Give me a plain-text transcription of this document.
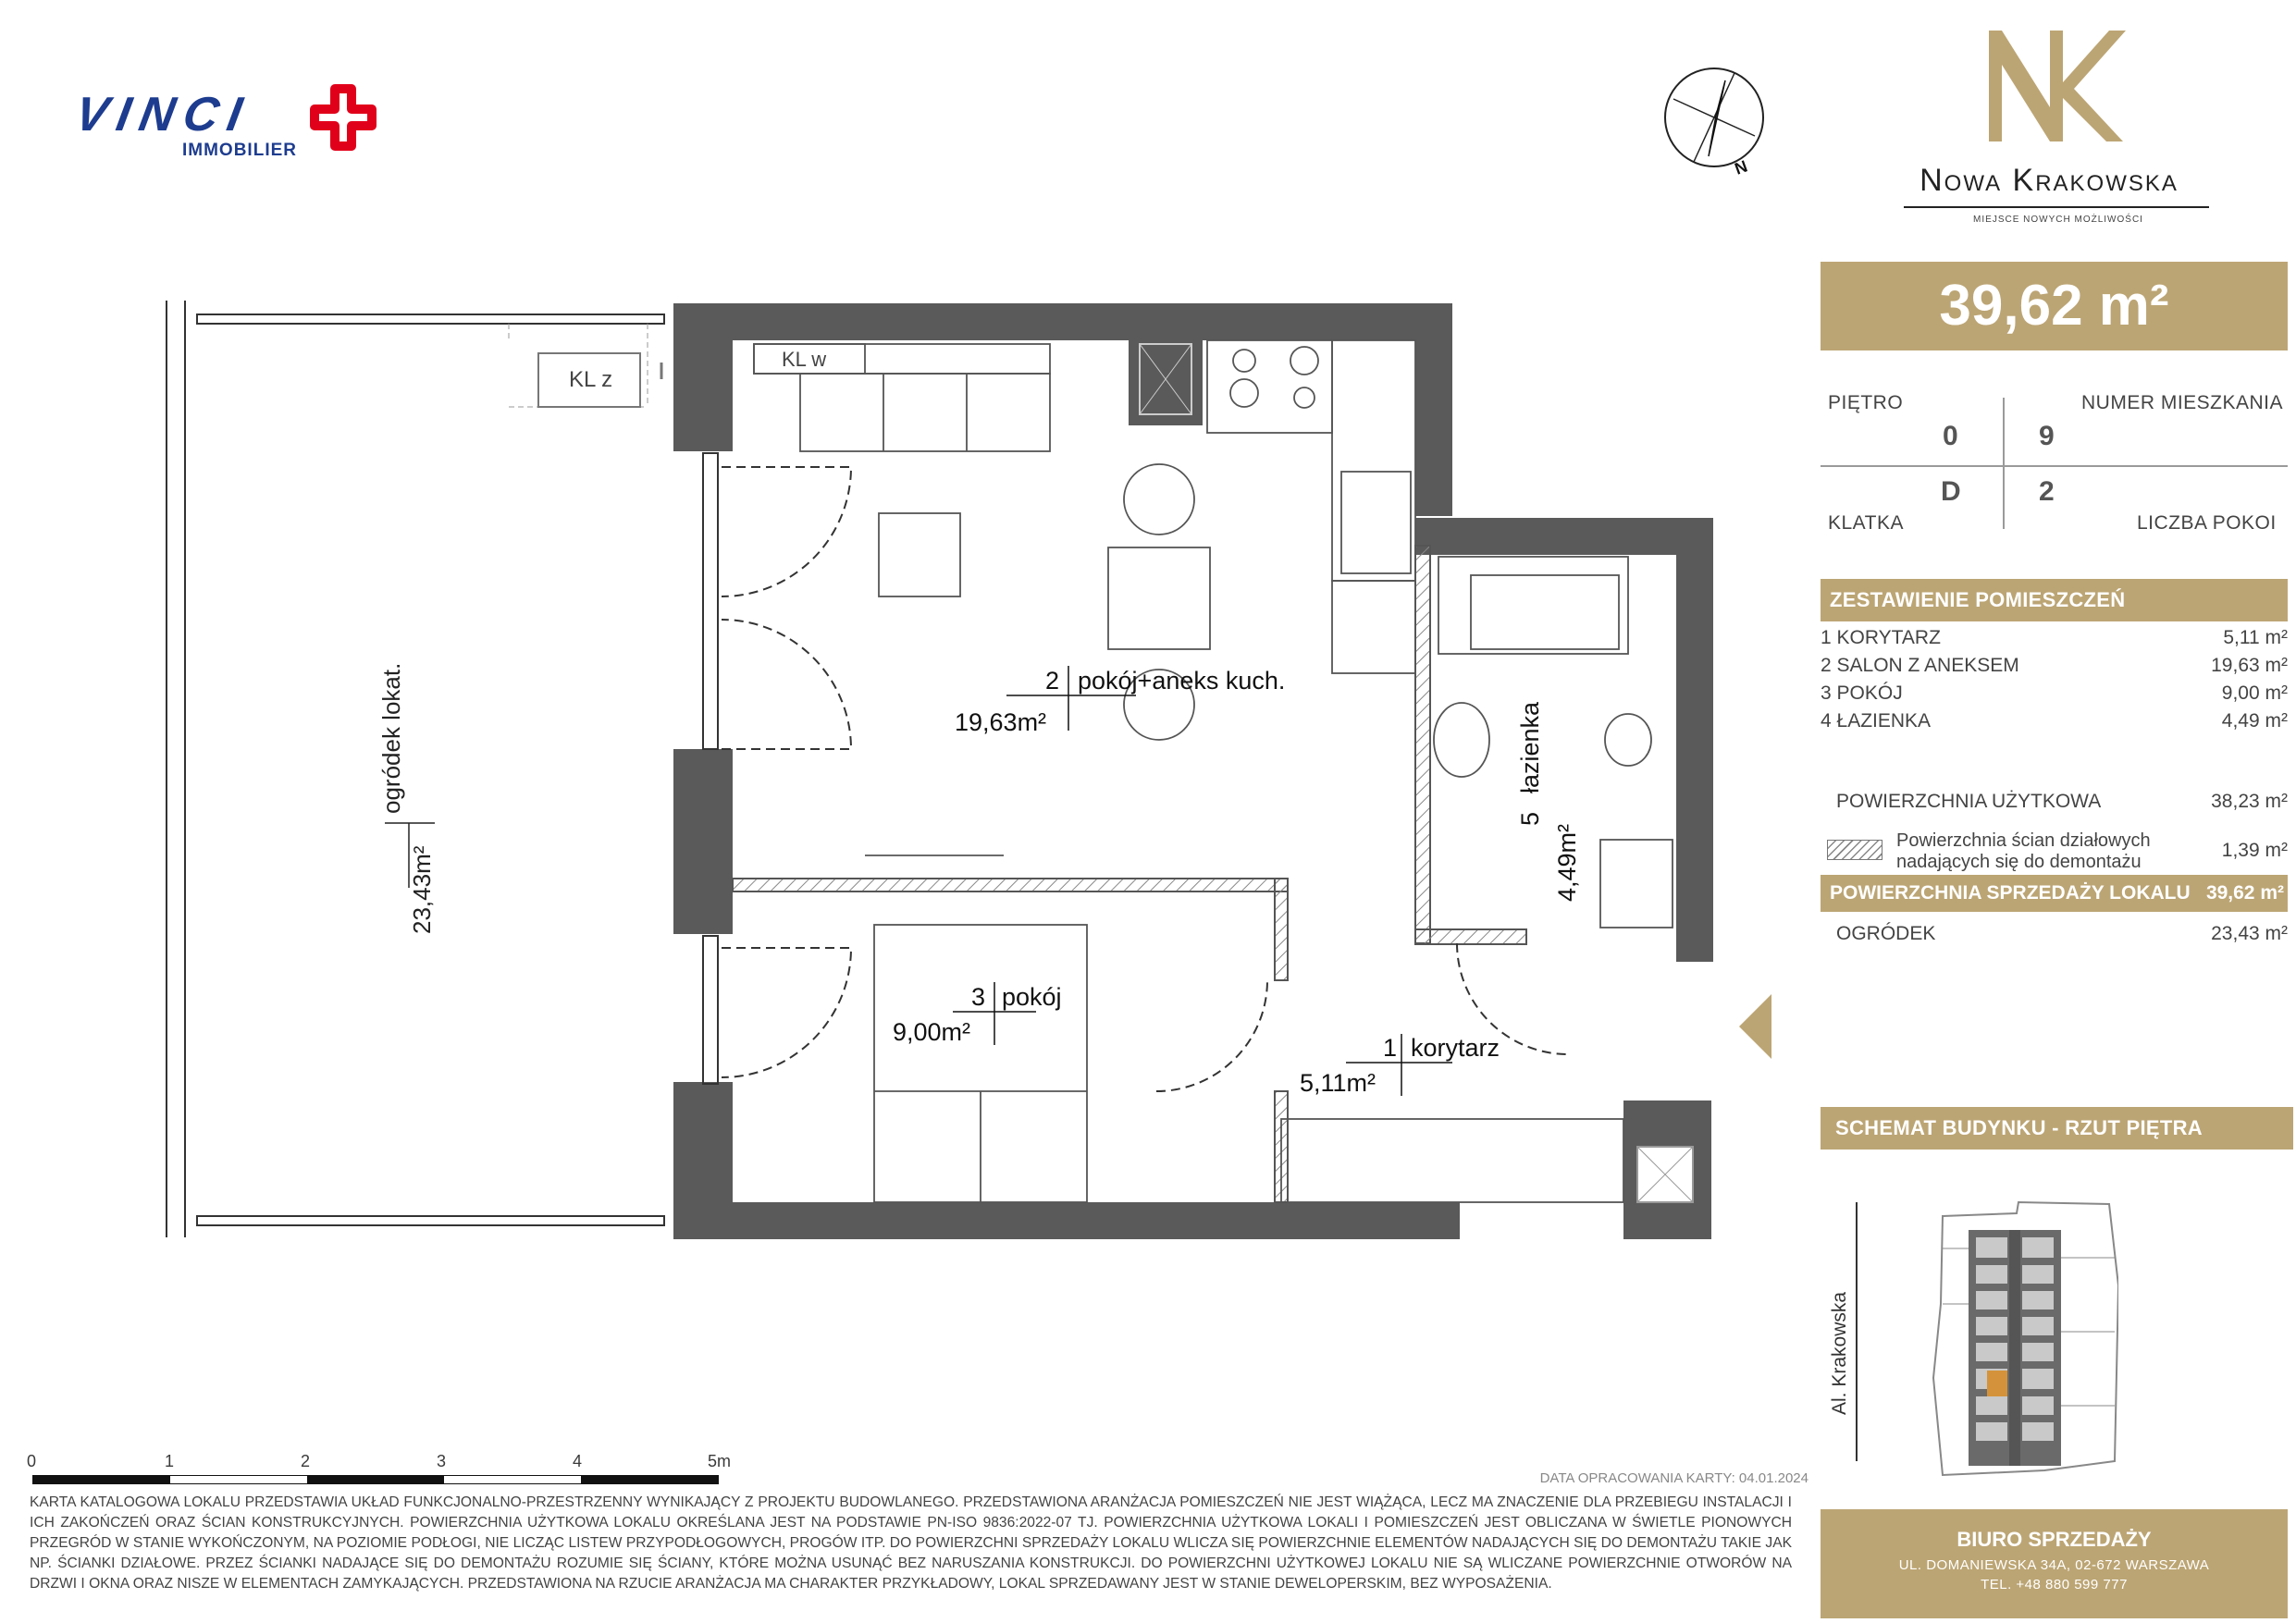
VINCI
IMMOBILIER
N	Nowa Krakowska
MIEJSCE NOWYCH MOŻLIWOŚCI
39,62 m²
PIĘTRO	NUMER MIESZKANIA
0	9
D	2
KLATKA	LICZBA POKOI
ZESTAWIENIE POMIESZCZEŃ
1 KORYTARZ	5,11 m²
2 SALON Z ANEKSEM	19,63 m²
3 POKÓJ	9,00 m²
4 ŁAZIENKA	4,49 m²
POWIERZCHNIA UŻYTKOWA	38,23 m²
Powierzchnia ścian działowych
nadających się do demontażu
1,39 m²
POWIERZCHNIA SPRZEDAŻY LOKALU 39,62 m²
OGRÓDEK	23,43 m²
SCHEMAT BUDYNKU - RZUT PIĘTRA
Al. Krakowska
BIURO SPRZEDAŻY
UL. DOMANIEWSKA 34A, 02-672 WARSZAWA
TEL. +48 880 599 777
KL z
ogródek lokat.
23,43m²
KL w
2 pokój+aneks kuch.
19,63m²
3 pokój
9,00m²
1 korytarz
5,11m²
5
łazienka
4,49m²
0	1	2	3	4	5m
DATA OPRACOWANIA KARTY: 04.01.2024
KARTA KATALOGOWA LOKALU PRZEDSTAWIA UKŁAD FUNKCJONALNO-PRZESTRZENNY WYNIKAJĄCY Z PROJEKTU BUDOWLANEGO. PRZEDSTAWIONA ARANŻACJA POMIESZCZEŃ NIE JEST WIĄŻĄCA, LECZ MA ZNACZENIE DLA PRZEBIEGU INSTALACJI I ICH ZAKOŃCZEŃ ORAZ ŚCIAN KONSTRUKCYJNYCH. POWIERZCHNIA UŻYTKOWA LOKALU OKREŚLANA JEST NA PODSTAWIE PN-ISO 9836:2022-07 TJ. POWIERZCHNIA UŻYTKOWA LOKALI I POMIESZCZEŃ JEST OBLICZANA W ŚWIETLE PIONOWYCH PRZEGRÓD W STANIE WYKOŃCZONYM, NA POZIOMIE PODŁOGI, NIE LICZĄC LISTEW PRZYPODŁOGOWYCH, PROGÓW ITP. DO POWIERZCHNI SPRZEDAŻY LOKALU WLICZA SIĘ POWIERZCHNIE ELEMENTÓW NADAJĄCYCH SIĘ DO DEMONTAŻU TAKIE JAK NP. ŚCIANKI DZIAŁOWE. PRZEZ ŚCIANKI NADAJĄCE SIĘ DO DEMONTAŻU ROZUMIE SIĘ ŚCIANY, KTÓRE MOŻNA USUNĄĆ BEZ NARUSZANIA KONSTRUKCJI. DO POWIERZCHNI UŻYTKOWEJ LOKALU NIE SĄ WLICZANE POWIERZCHNIE OTWORÓW NA DRZWI I OKNA ORAZ NISZE W ELEMENTACH ZAMYKAJĄCYCH. PRZEDSTAWIONA NA RZUCIE ARANŻACJA MA CHARAKTER PRZYKŁADOWY, LOKAL SPRZEDAWANY JEST W STANIE DEWELOPERSKIM, BEZ WYPOSAŻENIA.
